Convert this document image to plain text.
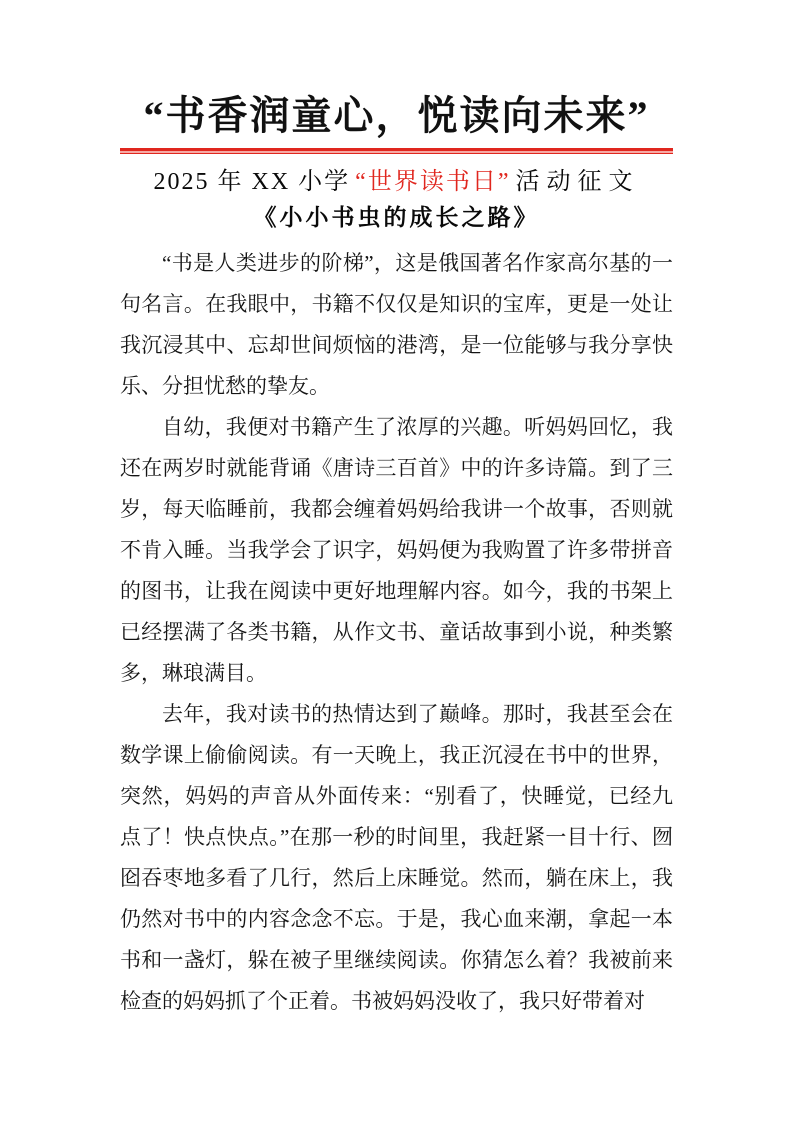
“书香润童心，悦读向未来”
2025 年 XX 小学 “世界读书日” 活动征文
《小小书虫的成长之路》

“书是人类进步的阶梯”，这是俄国著名作家高尔基的一句名言。在我眼中，书籍不仅仅是知识的宝库，更是一处让我沉浸其中、忘却世间烦恼的港湾，是一位能够与我分享快乐、分担忧愁的挚友。

自幼，我便对书籍产生了浓厚的兴趣。听妈妈回忆，我还在两岁时就能背诵《唐诗三百首》中的许多诗篇。到了三岁，每天临睡前，我都会缠着妈妈给我讲一个故事，否则就不肯入睡。当我学会了识字，妈妈便为我购置了许多带拼音的图书，让我在阅读中更好地理解内容。如今，我的书架上已经摆满了各类书籍，从作文书、童话故事到小说，种类繁多，琳琅满目。

去年，我对读书的热情达到了巅峰。那时，我甚至会在数学课上偷偷阅读。有一天晚上，我正沉浸在书中的世界，突然，妈妈的声音从外面传来：“别看了，快睡觉，已经九点了！快点快点。”在那一秒的时间里，我赶紧一目十行、囫囵吞枣地多看了几行，然后上床睡觉。然而，躺在床上，我仍然对书中的内容念念不忘。于是，我心血来潮，拿起一本书和一盏灯，躲在被子里继续阅读。你猜怎么着？我被前来检查的妈妈抓了个正着。书被妈妈没收了，我只好带着对
